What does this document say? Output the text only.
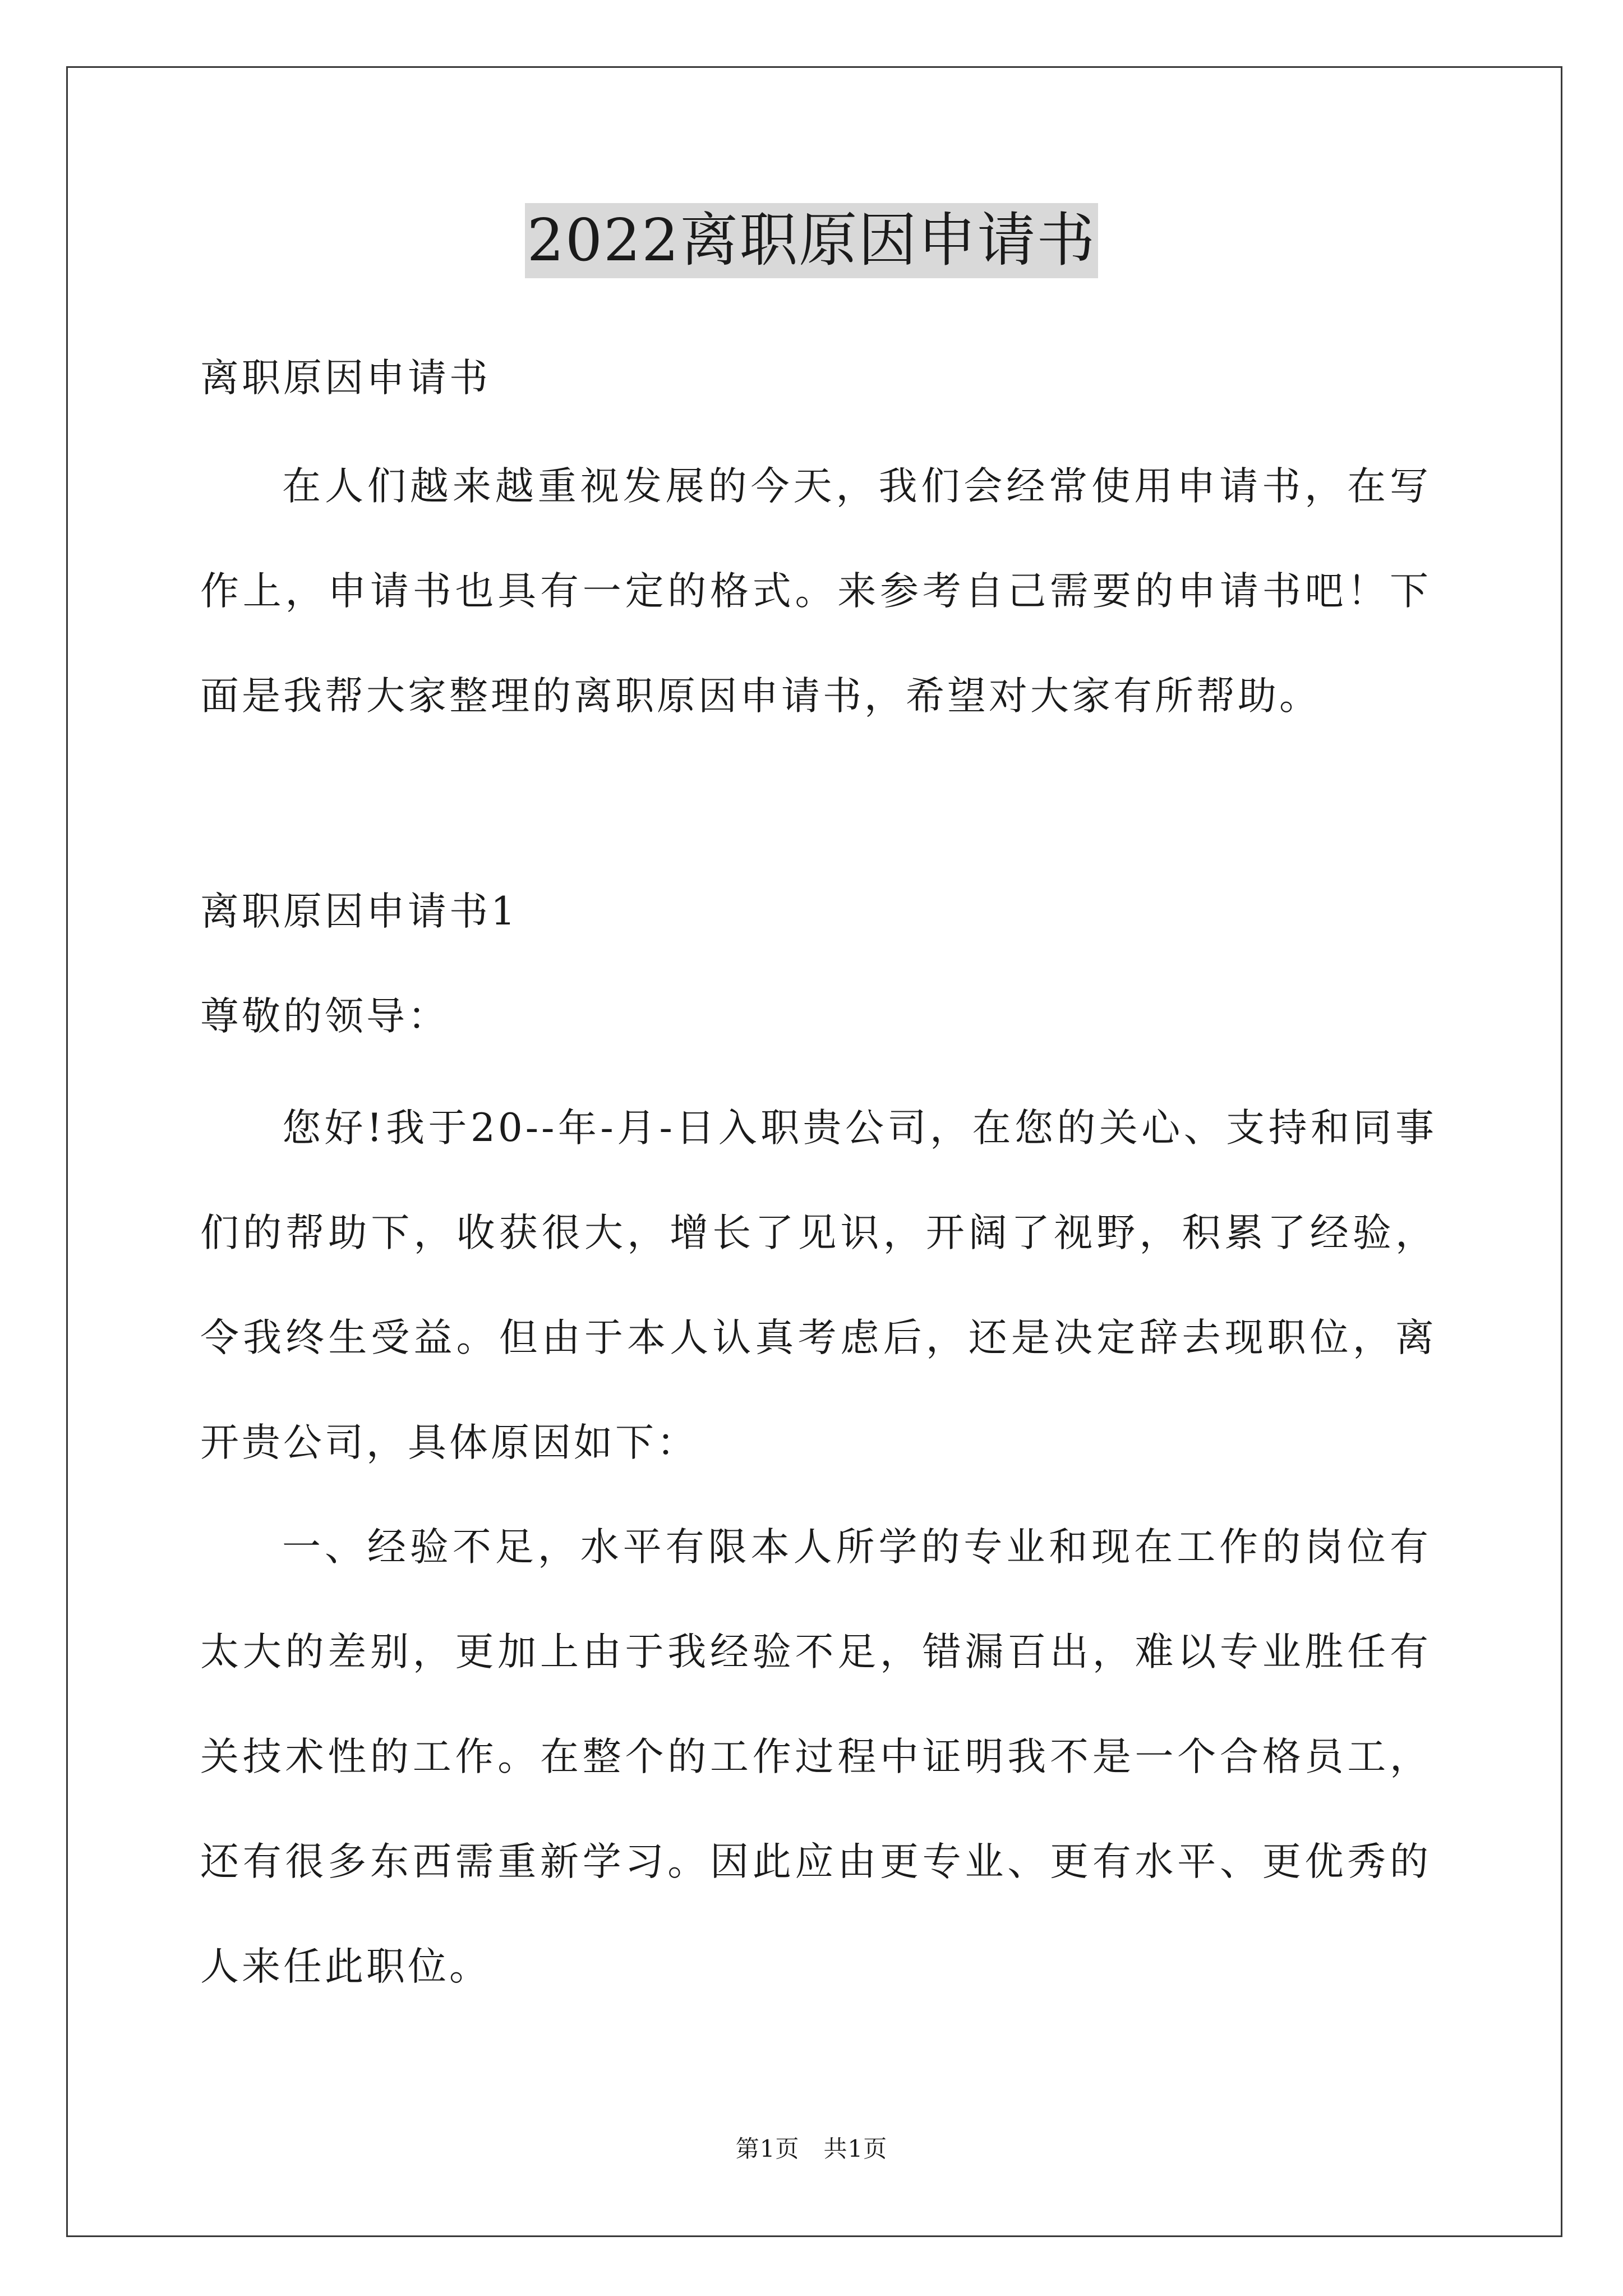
2022离职原因申请书

离职原因申请书

在人们越来越重视发展的今天，我们会经常使用申请书，在写作上，申请书也具有一定的格式。来参考自己需要的申请书吧！下面是我帮大家整理的离职原因申请书，希望对大家有所帮助。

离职原因申请书1

尊敬的领导：

您好!我于20--年-月-日入职贵公司，在您的关心、支持和同事们的帮助下，收获很大，增长了见识，开阔了视野，积累了经验，令我终生受益。但由于本人认真考虑后，还是决定辞去现职位，离开贵公司，具体原因如下：

一、经验不足，水平有限本人所学的专业和现在工作的岗位有太大的差别，更加上由于我经验不足，错漏百出，难以专业胜任有关技术性的工作。在整个的工作过程中证明我不是一个合格员工，还有很多东西需重新学习。因此应由更专业、更有水平、更优秀的人来任此职位。

第1页　共1页
